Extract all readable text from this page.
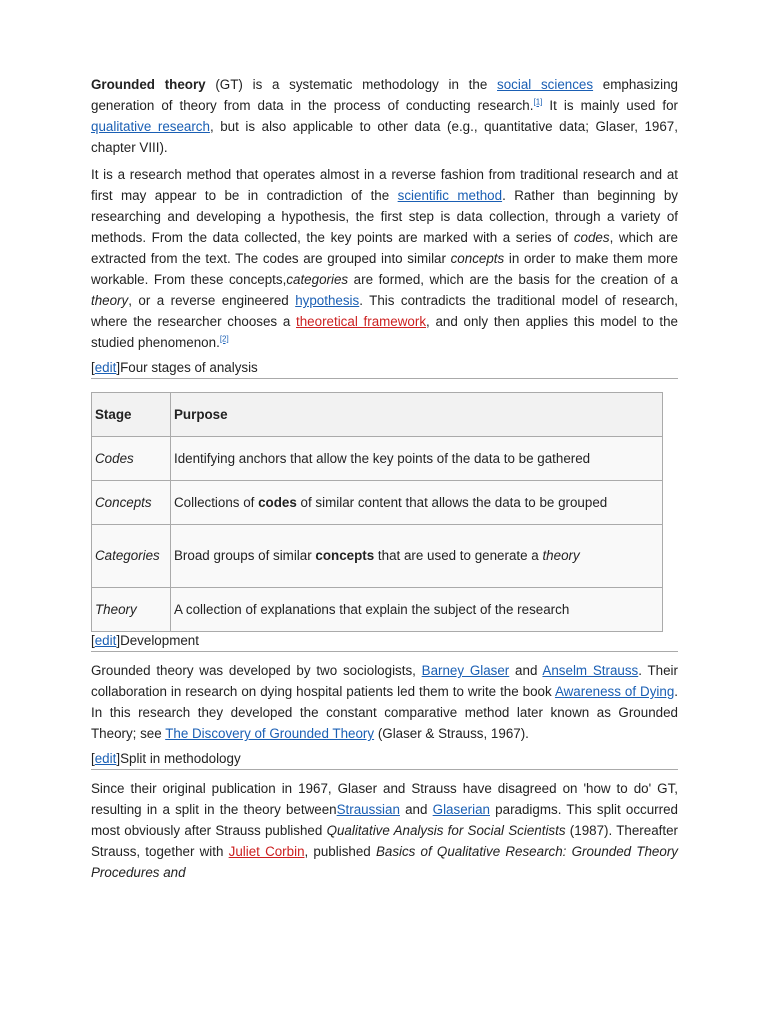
Grounded theory (GT) is a systematic methodology in the social sciences emphasizing generation of theory from data in the process of conducting research.[1] It is mainly used for qualitative research, but is also applicable to other data (e.g., quantitative data; Glaser, 1967, chapter VIII).

It is a research method that operates almost in a reverse fashion from traditional research and at first may appear to be in contradiction of the scientific method. Rather than beginning by researching and developing a hypothesis, the first step is data collection, through a variety of methods. From the data collected, the key points are marked with a series of codes, which are extracted from the text. The codes are grouped into similar concepts in order to make them more workable. From these concepts,categories are formed, which are the basis for the creation of a theory, or a reverse engineered hypothesis. This contradicts the traditional model of research, where the researcher chooses a theoretical framework, and only then applies this model to the studied phenomenon.[2]

[edit]Four stages of analysis
Stage	Purpose
Codes	Identifying anchors that allow the key points of the data to be gathered
Concepts	Collections of codes of similar content that allows the data to be grouped
Categories	Broad groups of similar concepts that are used to generate a theory
Theory	A collection of explanations that explain the subject of the research
[edit]Development

Grounded theory was developed by two sociologists, Barney Glaser and Anselm Strauss. Their collaboration in research on dying hospital patients led them to write the book Awareness of Dying. In this research they developed the constant comparative method later known as Grounded Theory; see The Discovery of Grounded Theory (Glaser & Strauss, 1967).

[edit]Split in methodology

Since their original publication in 1967, Glaser and Strauss have disagreed on 'how to do' GT, resulting in a split in the theory betweenStraussian and Glaserian paradigms. This split occurred most obviously after Strauss published Qualitative Analysis for Social Scientists (1987). Thereafter Strauss, together with Juliet Corbin, published Basics of Qualitative Research: Grounded Theory Procedures and
